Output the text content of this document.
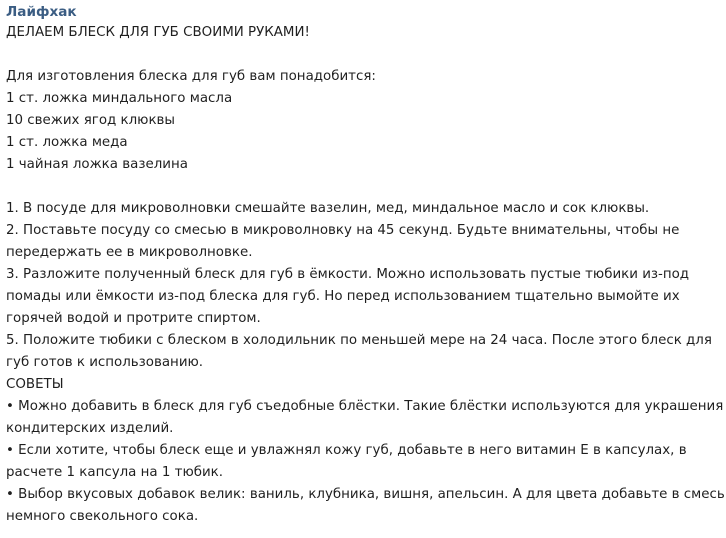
Лайфхак
ДЕЛАЕМ БЛЕСК ДЛЯ ГУБ СВОИМИ РУКАМИ!
Для изготовления блеска для губ вам понадобится:
1 ст. ложка миндального масла
10 свежих ягод клюквы
1 ст. ложка меда
1 чайная ложка вазелина
1. В посуде для микроволновки смешайте вазелин, мед, миндальное масло и сок клюквы.
2. Поставьте посуду со смесью в микроволновку на 45 секунд. Будьте внимательны, чтобы не
передержать ее в микроволновке.
3. Разложите полученный блеск для губ в ёмкости. Можно использовать пустые тюбики из-под
помады или ёмкости из-под блеска для губ. Но перед использованием тщательно вымойте их
горячей водой и протрите спиртом.
5. Положите тюбики с блеском в холодильник по меньшей мере на 24 часа. После этого блеск для
губ готов к использованию.
СОВЕТЫ
• Можно добавить в блеск для губ съедобные блёстки. Такие блёстки используются для украшения
кондитерских изделий.
• Если хотите, чтобы блеск еще и увлажнял кожу губ, добавьте в него витамин Е в капсулах, в
расчете 1 капсула на 1 тюбик.
• Выбор вкусовых добавок велик: ваниль, клубника, вишня, апельсин. А для цвета добавьте в смесь
немного свекольного сока.
